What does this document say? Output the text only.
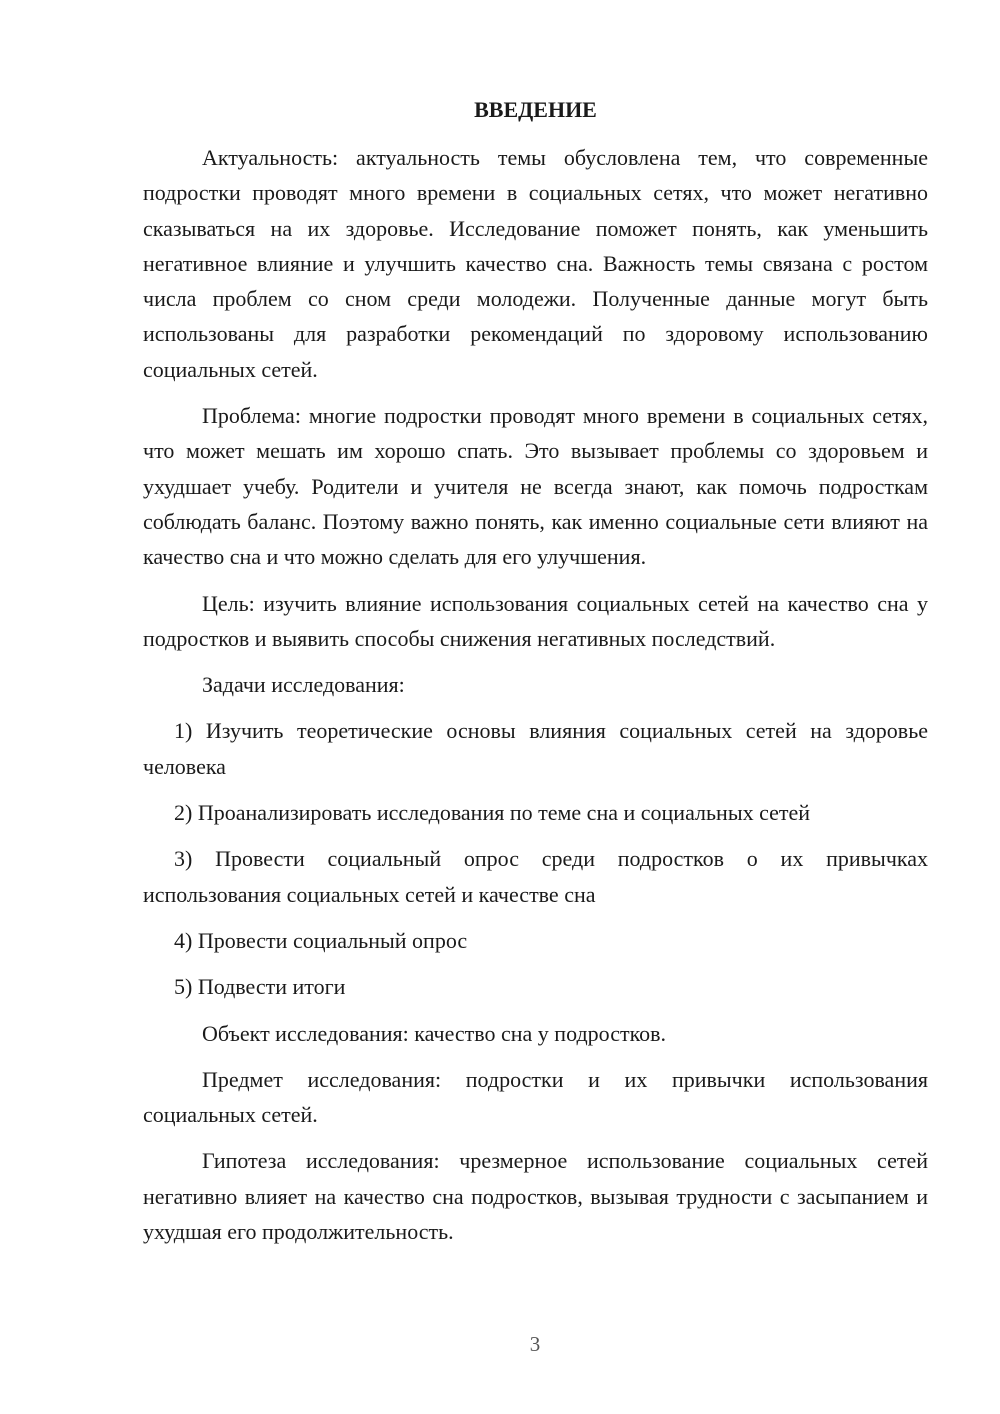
ВВЕДЕНИЕ

Актуальность: актуальность темы обусловлена тем, что современные подростки проводят много времени в социальных сетях, что может негативно сказываться на их здоровье. Исследование поможет понять, как уменьшить негативное влияние и улучшить качество сна. Важность темы связана с ростом числа проблем со сном среди молодежи. Полученные данные могут быть использованы для разработки рекомендаций по здоровому использованию социальных сетей.

Проблема: многие подростки проводят много времени в социальных сетях, что может мешать им хорошо спать. Это вызывает проблемы со здоровьем и ухудшает учебу. Родители и учителя не всегда знают, как помочь подросткам соблюдать баланс. Поэтому важно понять, как именно социальные сети влияют на качество сна и что можно сделать для его улучшения.

Цель: изучить влияние использования социальных сетей на качество сна у подростков и выявить способы снижения негативных последствий.

Задачи исследования:

1) Изучить теоретические основы влияния социальных сетей на здоровье человека

2) Проанализировать исследования по теме сна и социальных сетей

3) Провести социальный опрос среди подростков о их привычках использования социальных сетей и качестве сна

4) Провести социальный опрос

5) Подвести итоги

Объект исследования: качество сна у подростков.

Предмет исследования: подростки и их привычки использования социальных сетей.

Гипотеза исследования: чрезмерное использование социальных сетей негативно влияет на качество сна подростков, вызывая трудности с засыпанием и ухудшая его продолжительность.

3
